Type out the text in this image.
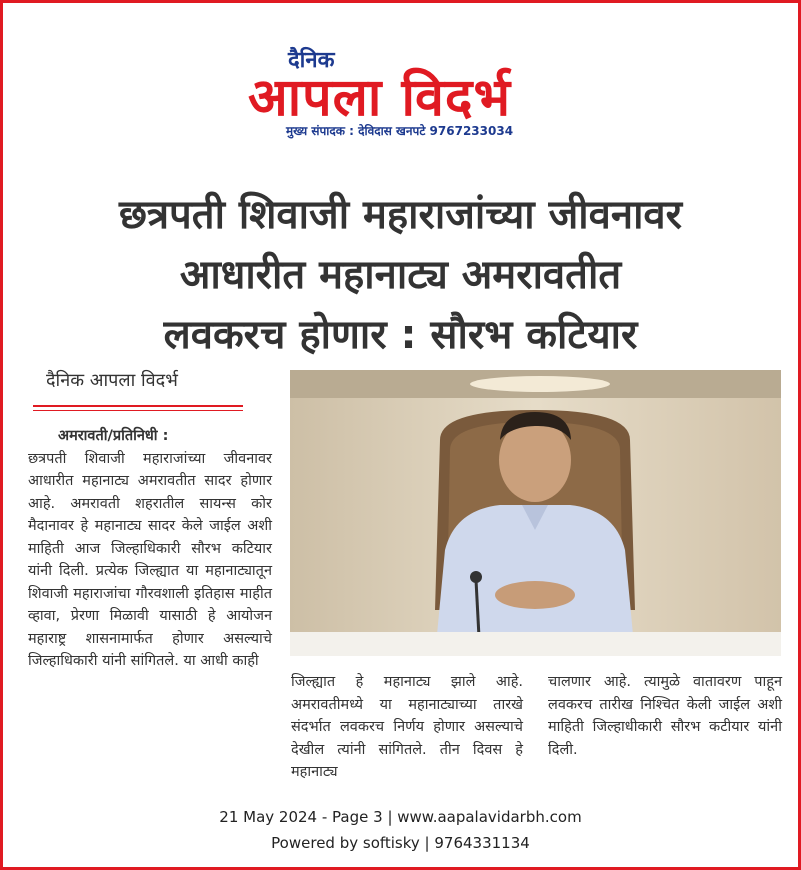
दैनिक
आपला विदर्भ
मुख्य संपादक : देविदास खनपटे 9767233034
छत्रपती शिवाजी महाराजांच्या जीवनावर
आधारीत महानाट्य अमरावतीत
लवकरच होणार : सौरभ कटियार
दैनिक आपला विदर्भ
अमरावती/प्रतिनिधी :
छत्रपती शिवाजी महाराजांच्या जीवनावर आधारीत महानाट्य अमरावतीत सादर होणार आहे. अमरावती शहरातील सायन्स कोर मैदानावर हे महानाट्य सादर केले जाईल अशी माहिती आज जिल्हाधिकारी सौरभ कटियार यांनी दिली. प्रत्येक जिल्ह्यात या महानाट्यातून शिवाजी महाराजांचा गौरवशाली इतिहास माहीत व्हावा, प्रेरणा मिळावी यासाठी हे आयोजन महाराष्ट्र शासनामार्फत होणार असल्याचे जिल्हाधिकारी यांनी सांगितले. या आधी काही
जिल्ह्यात हे महानाट्य झाले आहे. अमरावतीमध्ये या महानाट्याच्या तारखे संदर्भात लवकरच निर्णय होणार असल्याचे देखील त्यांनी सांगितले. तीन दिवस हे महानाट्य
चालणार आहे. त्यामुळे वातावरण पाहून लवकरच तारीख निश्चित केली जाईल अशी माहिती जिल्हाधीकारी सौरभ कटीयार यांनी दिली.
21 May 2024 - Page 3 | www.aapalavidarbh.com
Powered by softisky | 9764331134
